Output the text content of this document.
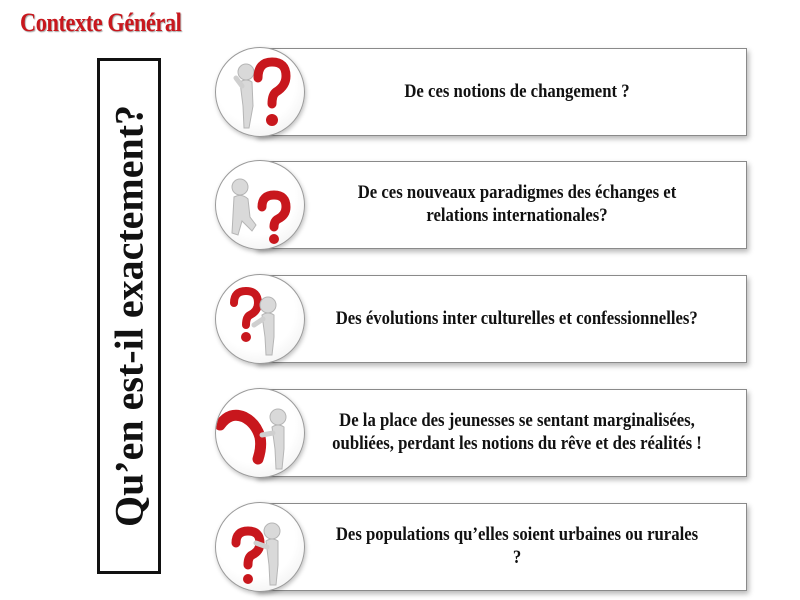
Contexte Général
Qu’en est-il exactement?
De ces notions de changement ?
De ces nouveaux paradigmes des échanges et relations internationales?
Des évolutions inter culturelles et confessionnelles?
De la place des jeunesses se sentant marginalisées, oubliées, perdant les notions du rêve et des réalités !
Des populations qu’elles soient urbaines ou rurales ?
